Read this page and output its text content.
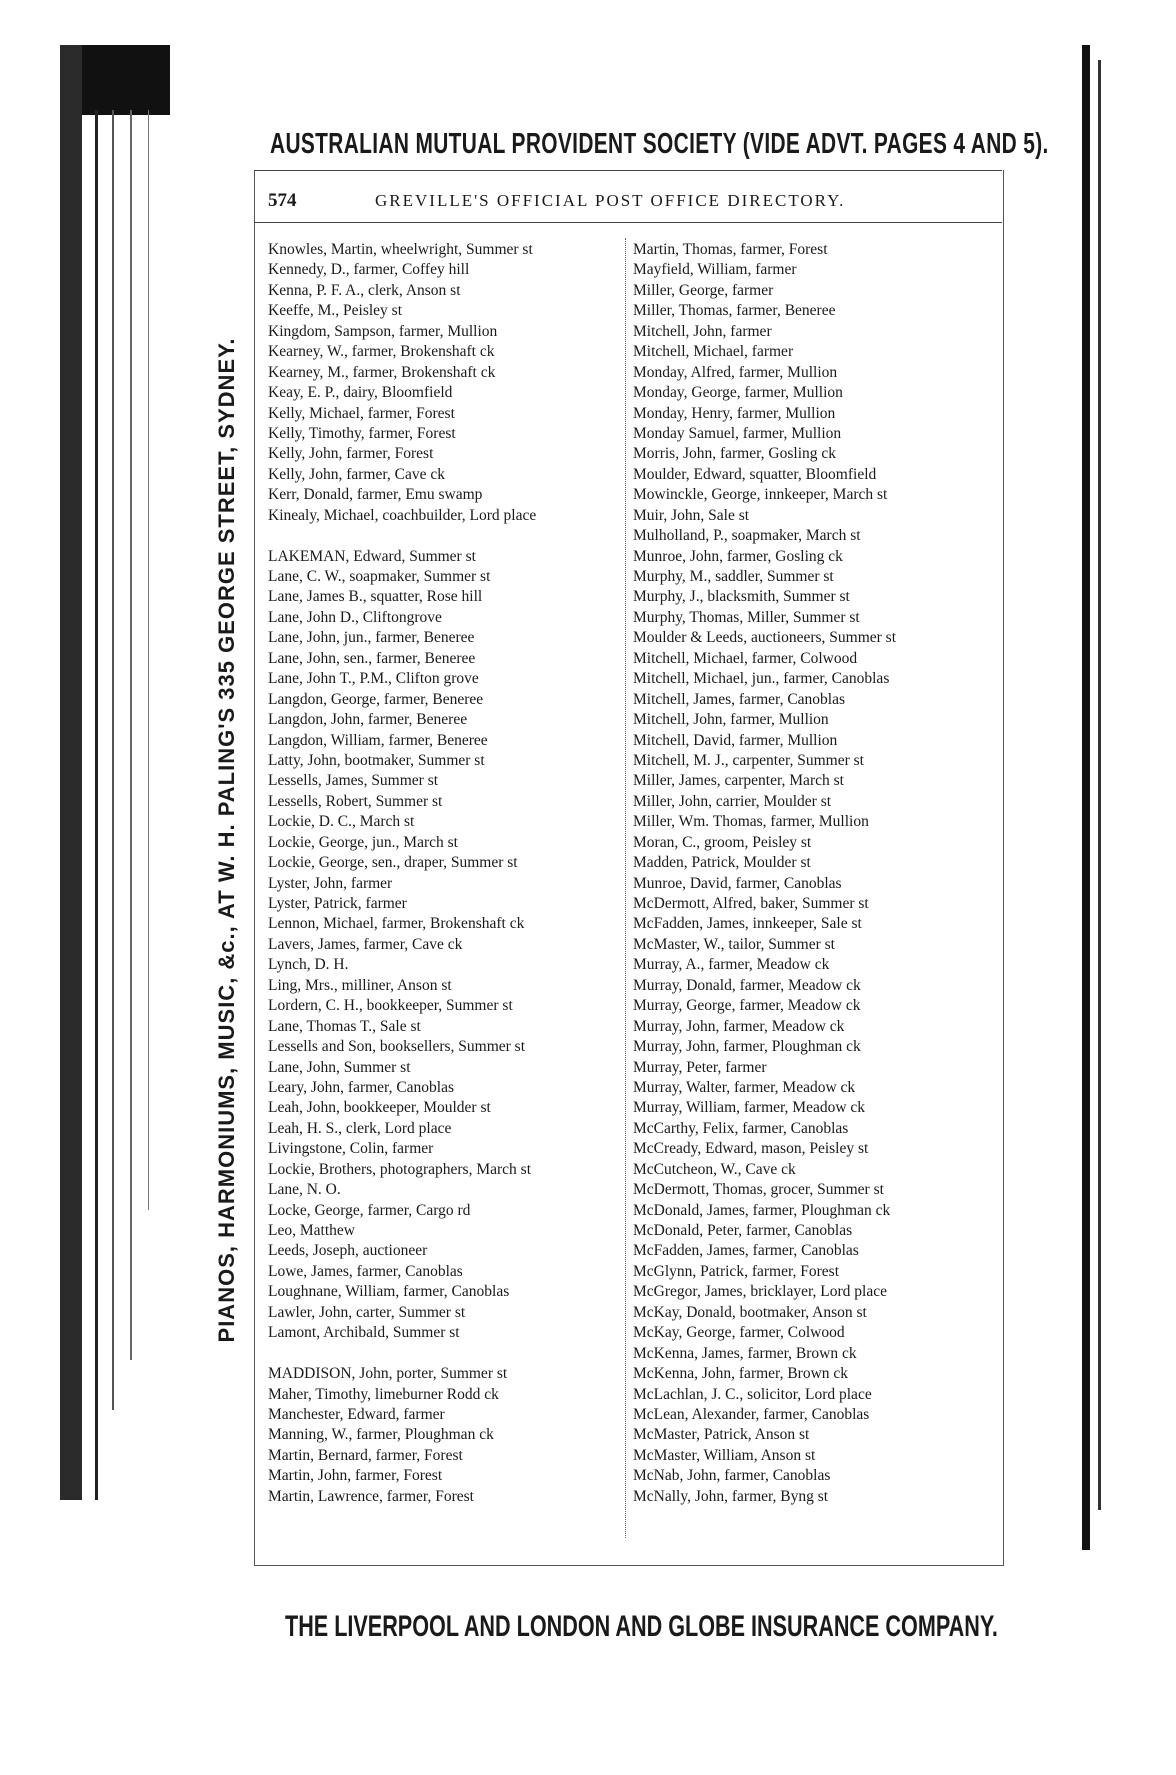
AUSTRALIAN MUTUAL PROVIDENT SOCIETY (VIDE ADVT. PAGES 4 AND 5).
PIANOS, HARMONIUMS, MUSIC, &c., AT W. H. PALING'S 335 GEORGE STREET, SYDNEY.
574	GREVILLE'S OFFICIAL POST OFFICE DIRECTORY.
Knowles, Martin, wheelwright, Summer st
Kennedy, D., farmer, Coffey hill
Kenna, P. F. A., clerk, Anson st
Keeffe, M., Peisley st
Kingdom, Sampson, farmer, Mullion
Kearney, W., farmer, Brokenshaft ck
Kearney, M., farmer, Brokenshaft ck
Keay, E. P., dairy, Bloomfield
Kelly, Michael, farmer, Forest
Kelly, Timothy, farmer, Forest
Kelly, John, farmer, Forest
Kelly, John, farmer, Cave ck
Kerr, Donald, farmer, Emu swamp
Kinealy, Michael, coachbuilder, Lord place
LAKEMAN, Edward, Summer st
Lane, C. W., soapmaker, Summer st
Lane, James B., squatter, Rose hill
Lane, John D., Cliftongrove
Lane, John, jun., farmer, Beneree
Lane, John, sen., farmer, Beneree
Lane, John T., P.M., Clifton grove
Langdon, George, farmer, Beneree
Langdon, John, farmer, Beneree
Langdon, William, farmer, Beneree
Latty, John, bootmaker, Summer st
Lessells, James, Summer st
Lessells, Robert, Summer st
Lockie, D. C., March st
Lockie, George, jun., March st
Lockie, George, sen., draper, Summer st
Lyster, John, farmer
Lyster, Patrick, farmer
Lennon, Michael, farmer, Brokenshaft ck
Lavers, James, farmer, Cave ck
Lynch, D. H.
Ling, Mrs., milliner, Anson st
Lordern, C. H., bookkeeper, Summer st
Lane, Thomas T., Sale st
Lessells and Son, booksellers, Summer st
Lane, John, Summer st
Leary, John, farmer, Canoblas
Leah, John, bookkeeper, Moulder st
Leah, H. S., clerk, Lord place
Livingstone, Colin, farmer
Lockie, Brothers, photographers, March st
Lane, N. O.
Locke, George, farmer, Cargo rd
Leo, Matthew
Leeds, Joseph, auctioneer
Lowe, James, farmer, Canoblas
Loughnane, William, farmer, Canoblas
Lawler, John, carter, Summer st
Lamont, Archibald, Summer st
MADDISON, John, porter, Summer st
Maher, Timothy, limeburner Rodd ck
Manchester, Edward, farmer
Manning, W., farmer, Ploughman ck
Martin, Bernard, farmer, Forest
Martin, John, farmer, Forest
Martin, Lawrence, farmer, Forest
Martin, Thomas, farmer, Forest
Mayfield, William, farmer
Miller, George, farmer
Miller, Thomas, farmer, Beneree
Mitchell, John, farmer
Mitchell, Michael, farmer
Monday, Alfred, farmer, Mullion
Monday, George, farmer, Mullion
Monday, Henry, farmer, Mullion
Monday Samuel, farmer, Mullion
Morris, John, farmer, Gosling ck
Moulder, Edward, squatter, Bloomfield
Mowinckle, George, innkeeper, March st
Muir, John, Sale st
Mulholland, P., soapmaker, March st
Munroe, John, farmer, Gosling ck
Murphy, M., saddler, Summer st
Murphy, J., blacksmith, Summer st
Murphy, Thomas, Miller, Summer st
Moulder & Leeds, auctioneers, Summer st
Mitchell, Michael, farmer, Colwood
Mitchell, Michael, jun., farmer, Canoblas
Mitchell, James, farmer, Canoblas
Mitchell, John, farmer, Mullion
Mitchell, David, farmer, Mullion
Mitchell, M. J., carpenter, Summer st
Miller, James, carpenter, March st
Miller, John, carrier, Moulder st
Miller, Wm. Thomas, farmer, Mullion
Moran, C., groom, Peisley st
Madden, Patrick, Moulder st
Munroe, David, farmer, Canoblas
McDermott, Alfred, baker, Summer st
McFadden, James, innkeeper, Sale st
McMaster, W., tailor, Summer st
Murray, A., farmer, Meadow ck
Murray, Donald, farmer, Meadow ck
Murray, George, farmer, Meadow ck
Murray, John, farmer, Meadow ck
Murray, John, farmer, Ploughman ck
Murray, Peter, farmer
Murray, Walter, farmer, Meadow ck
Murray, William, farmer, Meadow ck
McCarthy, Felix, farmer, Canoblas
McCready, Edward, mason, Peisley st
McCutcheon, W., Cave ck
McDermott, Thomas, grocer, Summer st
McDonald, James, farmer, Ploughman ck
McDonald, Peter, farmer, Canoblas
McFadden, James, farmer, Canoblas
McGlynn, Patrick, farmer, Forest
McGregor, James, bricklayer, Lord place
McKay, Donald, bootmaker, Anson st
McKay, George, farmer, Colwood
McKenna, James, farmer, Brown ck
McKenna, John, farmer, Brown ck
McLachlan, J. C., solicitor, Lord place
McLean, Alexander, farmer, Canoblas
McMaster, Patrick, Anson st
McMaster, William, Anson st
McNab, John, farmer, Canoblas
McNally, John, farmer, Byng st
THE LIVERPOOL AND LONDON AND GLOBE INSURANCE COMPANY.
